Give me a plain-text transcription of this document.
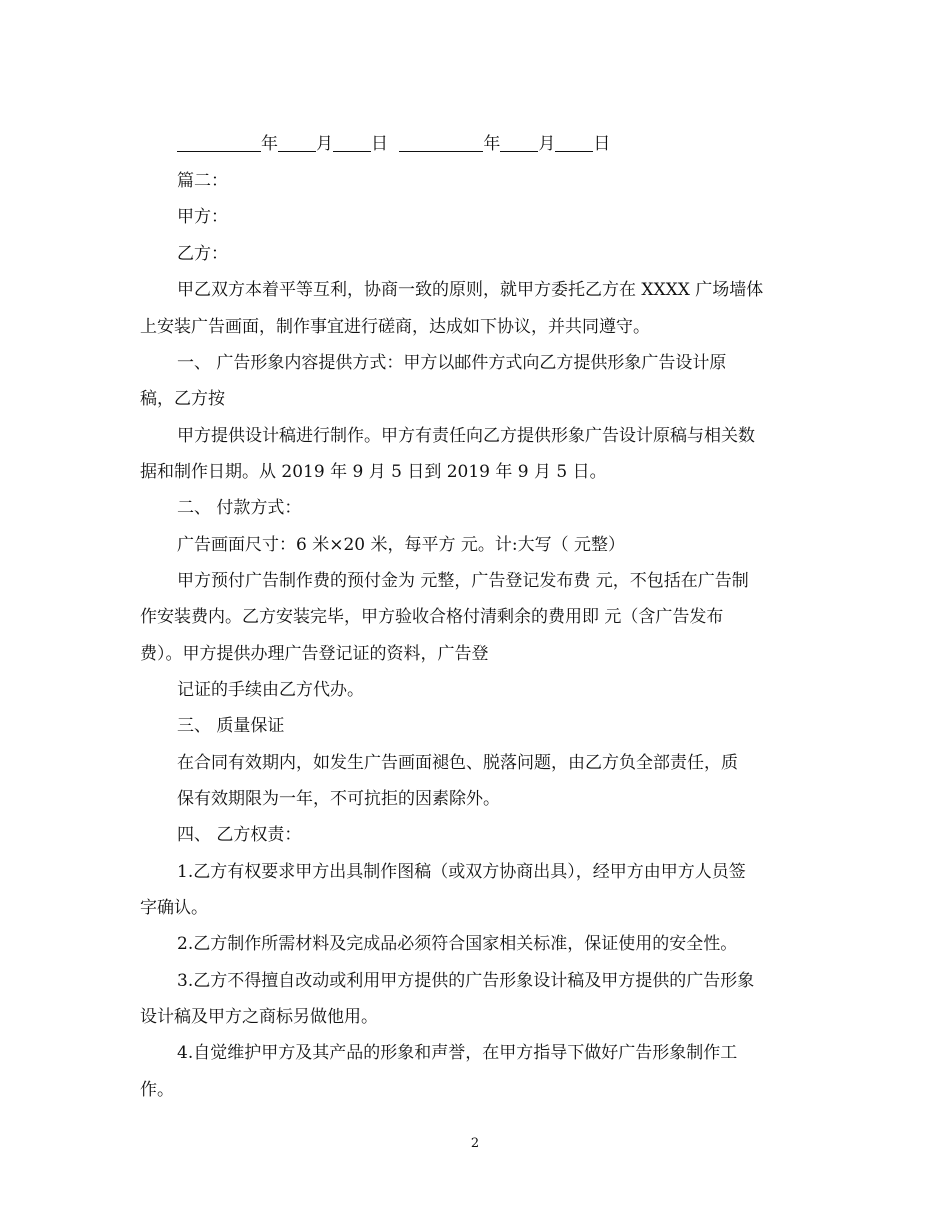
年 月 日	年 月 日
篇二：
甲方：
乙方：
甲乙双方本着平等互利，协商一致的原则，就甲方委托乙方在 XXXX 广场墙体
上安装广告画面，制作事宜进行磋商，达成如下协议，并共同遵守。
一、 广告形象内容提供方式：甲方以邮件方式向乙方提供形象广告设计原
稿，乙方按
甲方提供设计稿进行制作。甲方有责任向乙方提供形象广告设计原稿与相关数
据和制作日期。从 2019 年 9 月 5 日到 2019 年 9 月 5 日。
二、 付款方式：
广告画面尺寸：6 米×20 米，每平方 元。计:大写（ 元整）
甲方预付广告制作费的预付金为 元整，广告登记发布费 元，不包括在广告制
作安装费内。乙方安装完毕，甲方验收合格付清剩余的费用即 元（含广告发布
费）。甲方提供办理广告登记证的资料，广告登
记证的手续由乙方代办。
三、 质量保证
在合同有效期内，如发生广告画面褪色、脱落问题，由乙方负全部责任，质
保有效期限为一年，不可抗拒的因素除外。
四、 乙方权责：
1.乙方有权要求甲方出具制作图稿（或双方协商出具），经甲方由甲方人员签
字确认。
2.乙方制作所需材料及完成品必须符合国家相关标准，保证使用的安全性。
3.乙方不得擅自改动或利用甲方提供的广告形象设计稿及甲方提供的广告形象
设计稿及甲方之商标另做他用。
4.自觉维护甲方及其产品的形象和声誉，在甲方指导下做好广告形象制作工
作。
2
